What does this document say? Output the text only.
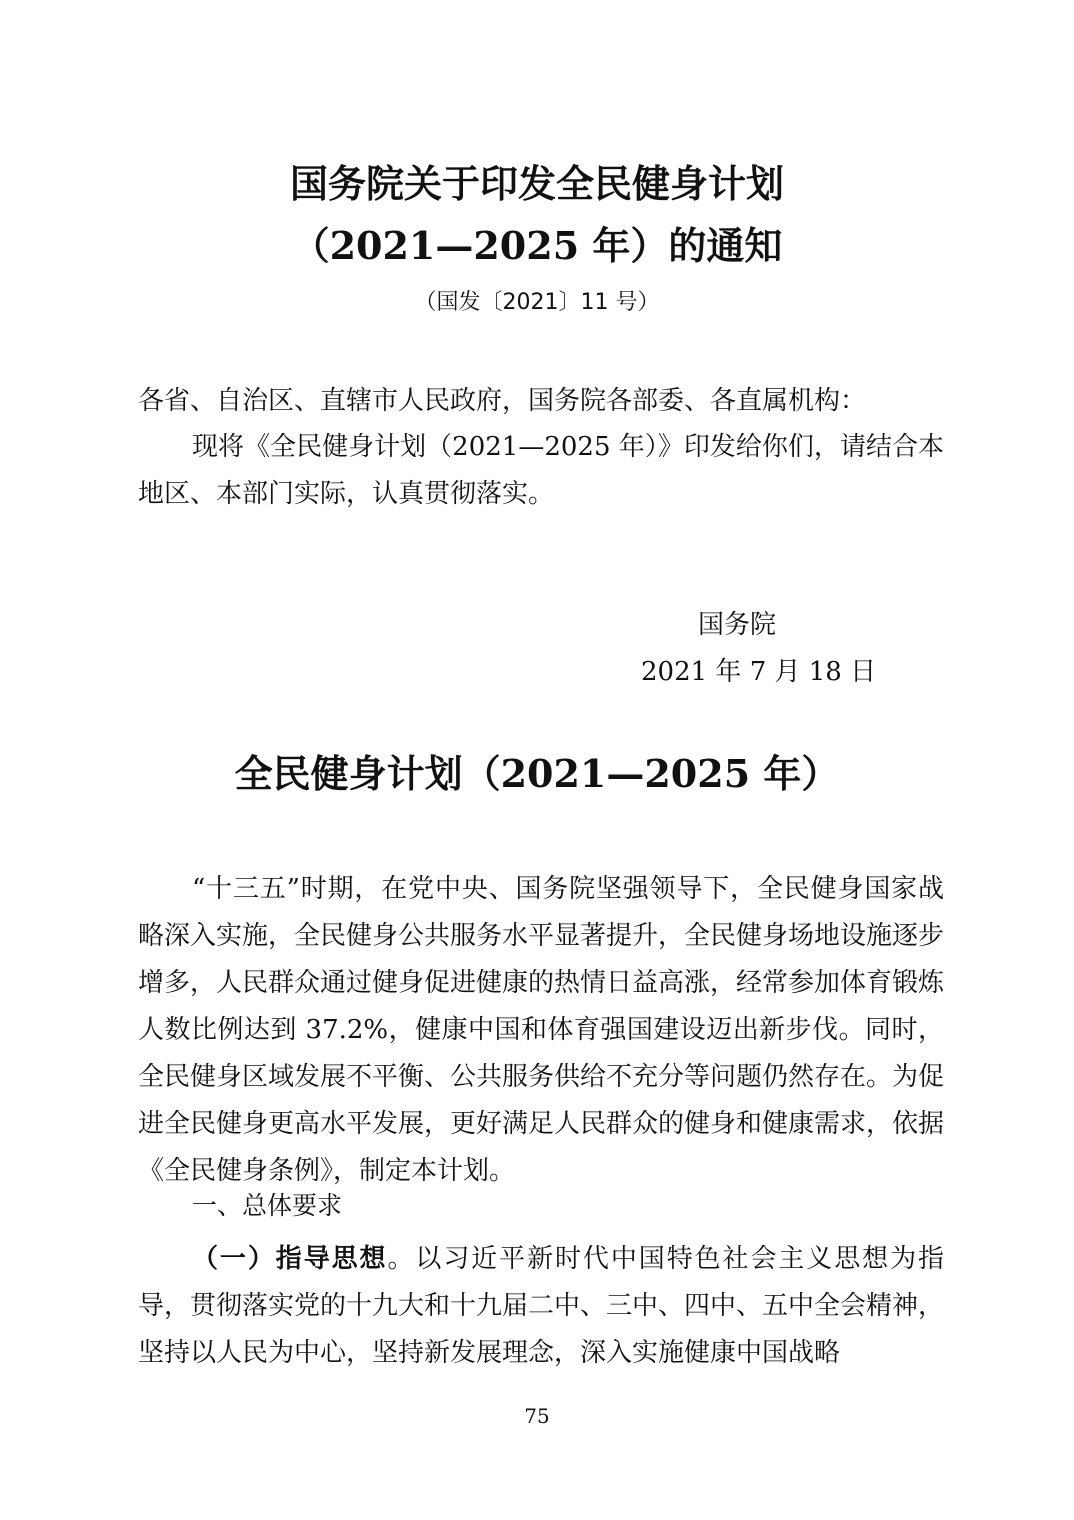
国务院关于印发全民健身计划
（2021—2025 年）的通知
（国发〔2021〕11 号）

各省、自治区、直辖市人民政府，国务院各部委、各直属机构：

现将《全民健身计划（2021—2025 年）》印发给你们，请结合本地区、本部门实际，认真贯彻落实。

国务院
2021 年 7 月 18 日
全民健身计划（2021—2025 年）

“十三五”时期，在党中央、国务院坚强领导下，全民健身国家战略深入实施，全民健身公共服务水平显著提升，全民健身场地设施逐步增多，人民群众通过健身促进健康的热情日益高涨，经常参加体育锻炼人数比例达到 37.2%，健康中国和体育强国建设迈出新步伐。同时，全民健身区域发展不平衡、公共服务供给不充分等问题仍然存在。为促进全民健身更高水平发展，更好满足人民群众的健身和健康需求，依据《全民健身条例》，制定本计划。

一、总体要求

（一）指导思想。以习近平新时代中国特色社会主义思想为指导，贯彻落实党的十九大和十九届二中、三中、四中、五中全会精神，坚持以人民为中心，坚持新发展理念，深入实施健康中国战略

75
